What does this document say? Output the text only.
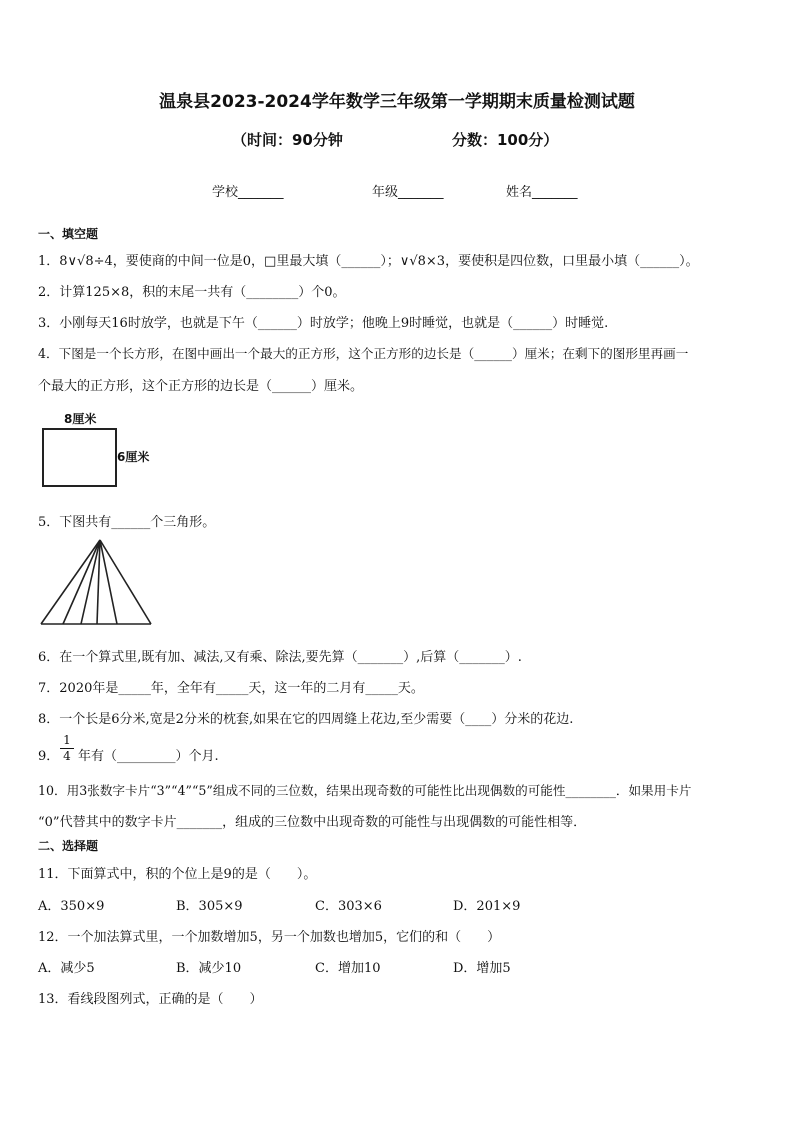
温泉县2023-2024学年数学三年级第一学期期末质量检测试题
（时间：90分钟	分数：100分）
学校_______	年级_______	姓名_______
一、填空题
1．8∨√8÷4，要使商的中间一位是0，□里最大填（______）；∨√8×3，要使积是四位数，口里最小填（______）。
2．计算125×8，积的末尾一共有（________）个0。
3．小刚每天16时放学，也就是下午（______）时放学；他晚上9时睡觉，也就是（______）时睡觉.
4．下图是一个长方形，在图中画出一个最大的正方形，这个正方形的边长是（______）厘米；在剩下的图形里再画一
个最大的正方形，这个正方形的边长是（______）厘米。
8厘米
6厘米
5．下图共有______个三角形。
6．在一个算式里,既有加、减法,又有乘、除法,要先算（_______）,后算（_______）.
7．2020年是_____年，全年有_____天，这一年的二月有_____天。
8．一个长是6分米,宽是2分米的枕套,如果在它的四周缝上花边,至少需要（____）分米的花边.
9． $\frac{1}{4}$ 年有（_________）个月.
10．用3张数字卡片“3”“4”“5”组成不同的三位数，结果出现奇数的可能性比出现偶数的可能性________．如果用卡片
“0”代替其中的数字卡片_______，组成的三位数中出现奇数的可能性与出现偶数的可能性相等．
二、选择题
11．下面算式中，积的个位上是9的是（　　）。
A．350×9	B．305×9	C．303×6	D．201×9
12．一个加法算式里，一个加数增加5，另一个加数也增加5，它们的和（　　）
A．减少5	B．减少10	C．增加10	D．增加5
13．看线段图列式，正确的是（　　）
